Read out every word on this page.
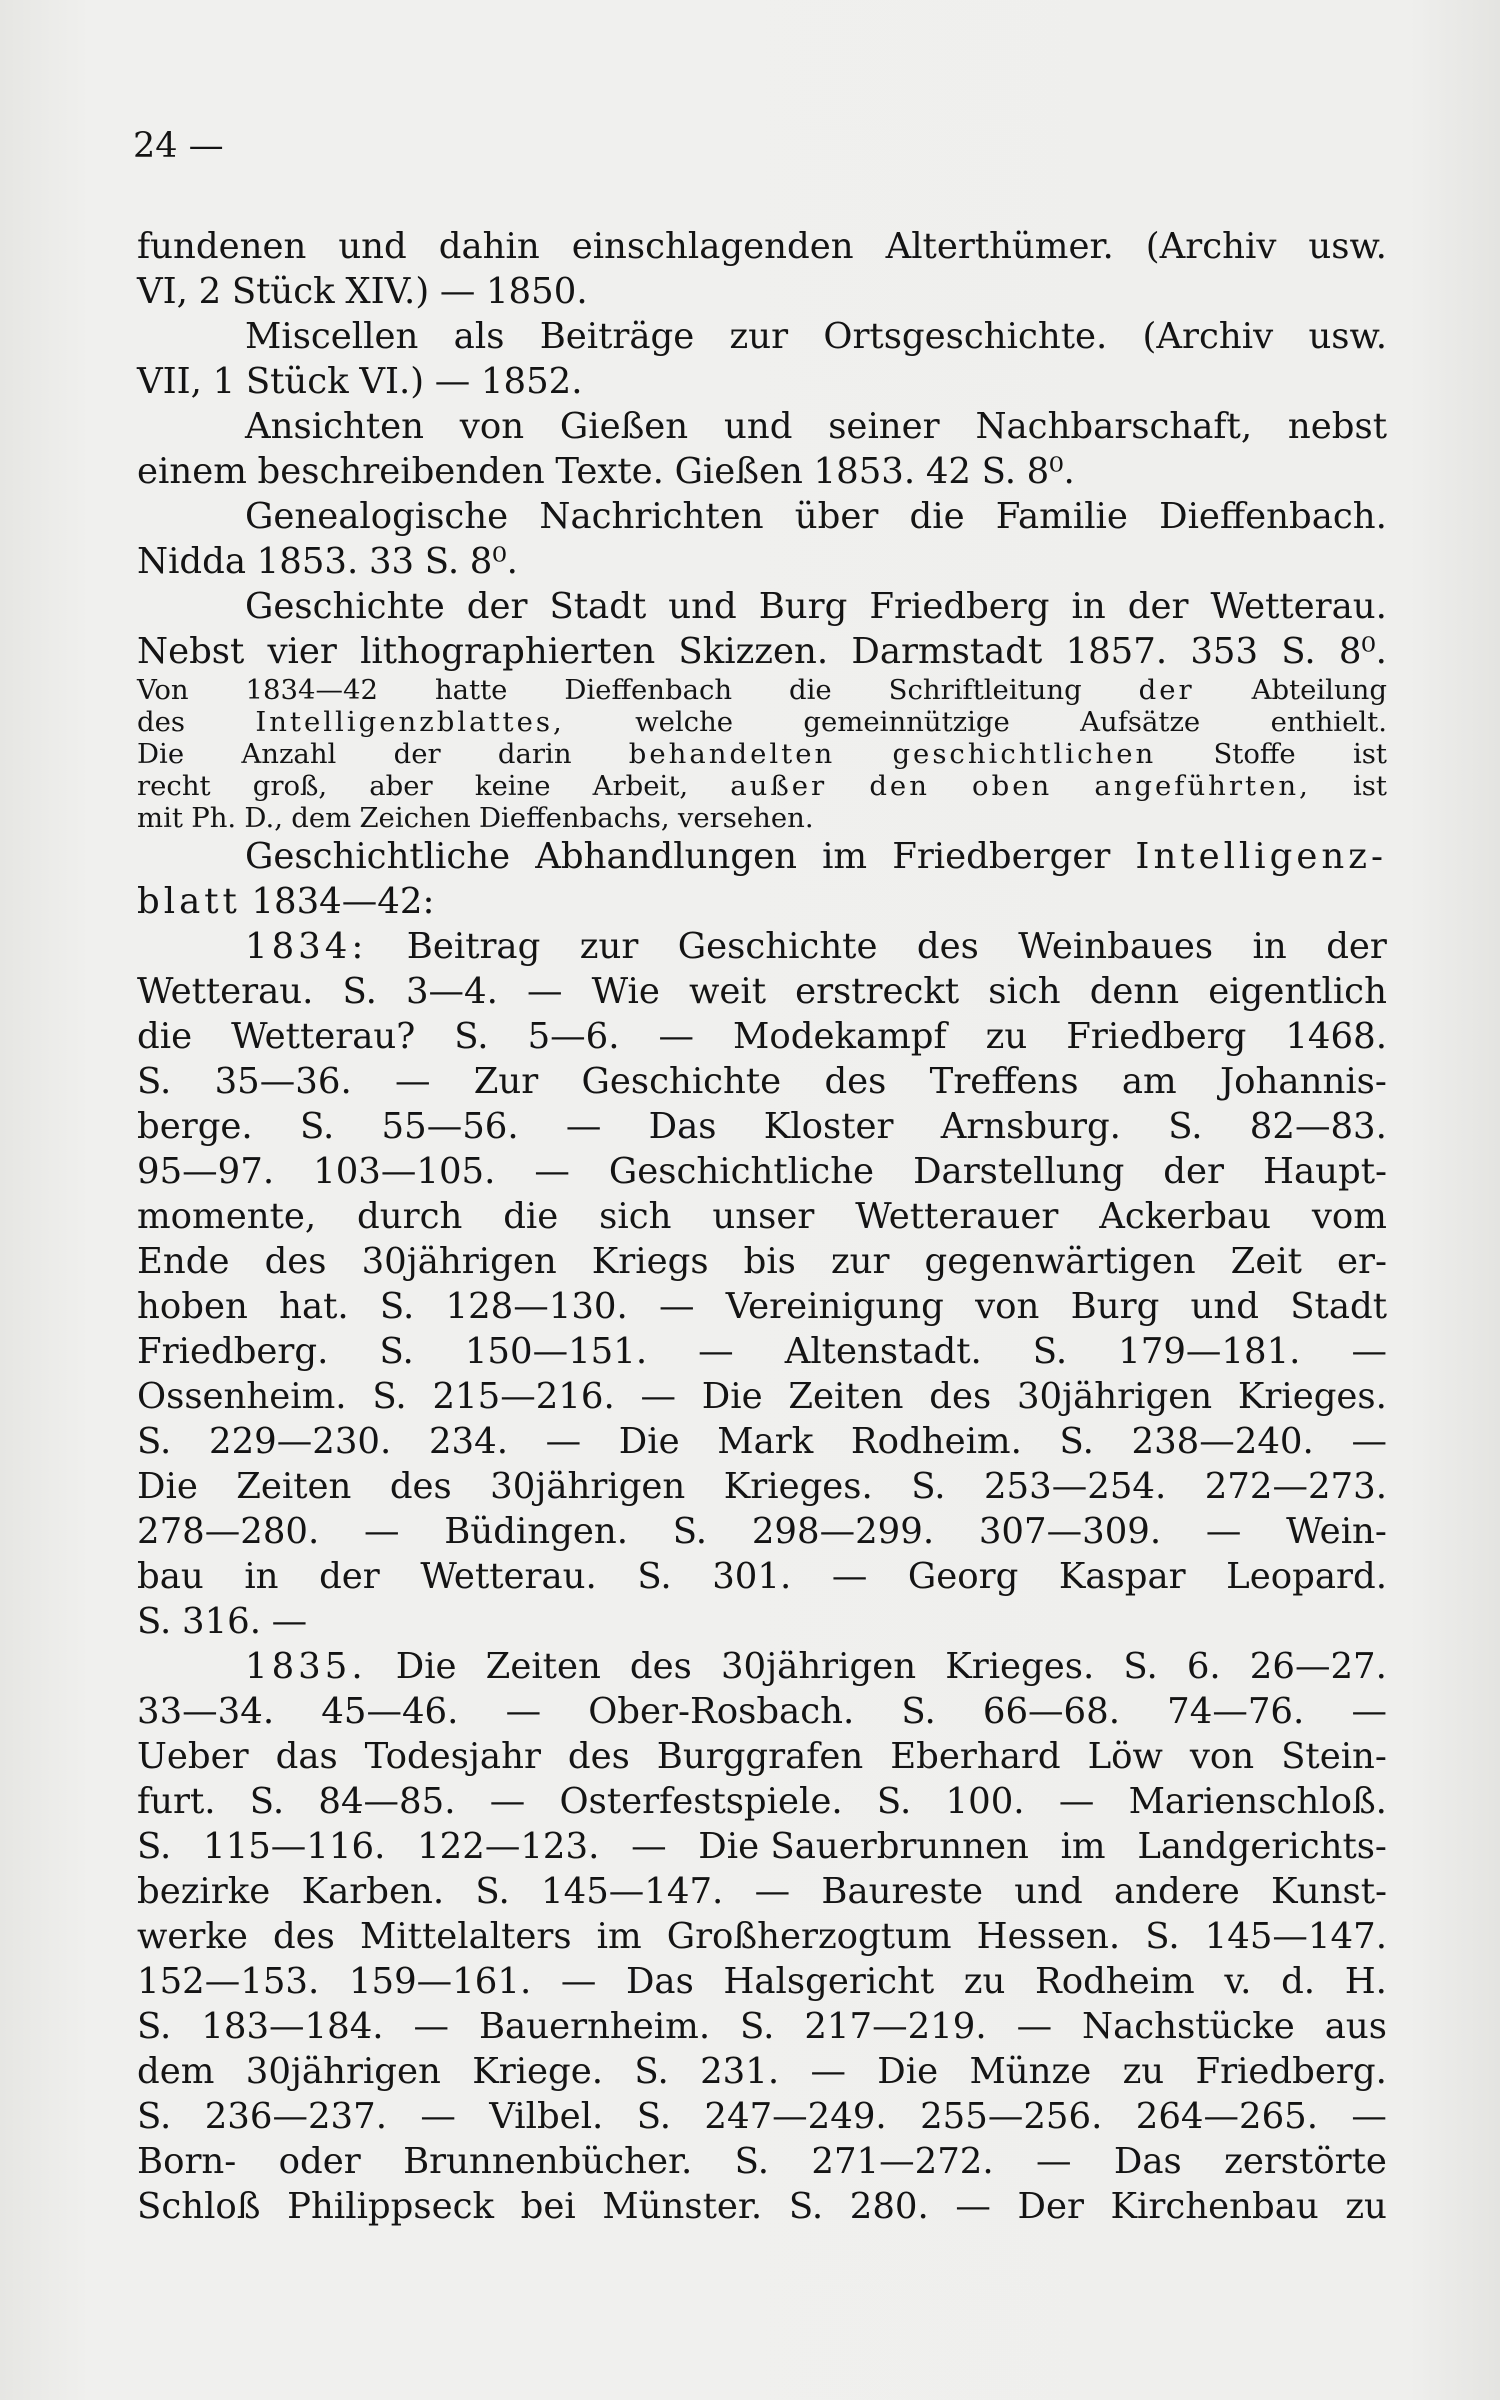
24 —
fundenen und dahin einschlagenden Alterthümer. (Archiv usw.
VI, 2 Stück XIV.) — 1850.
Miscellen als Beiträge zur Ortsgeschichte. (Archiv usw.
VII, 1 Stück VI.) — 1852.
Ansichten von Gießen und seiner Nachbarschaft, nebst
einem beschreibenden Texte. Gießen 1853. 42 S. 8⁰.
Genealogische Nachrichten über die Familie Dieffenbach.
Nidda 1853. 33 S. 8⁰.
Geschichte der Stadt und Burg Friedberg in der Wetterau.
Nebst vier lithographierten Skizzen. Darmstadt 1857. 353 S. 8⁰.
Von 1834—42 hatte Dieffenbach die Schriftleitung der Abteilung
des	Intelligenzblattes,	welche	gemeinnützige	Aufsätze	enthielt.
Die Anzahl der darin behandelten geschichtlichen Stoffe ist
recht groß, aber keine Arbeit, außer den oben angeführten, ist
mit Ph. D., dem Zeichen Dieffenbachs, versehen.
Geschichtliche Abhandlungen im Friedberger Intelligenz-
blatt 1834—42:
1834: Beitrag zur Geschichte des Weinbaues in der
Wetterau. S. 3—4. — Wie weit erstreckt sich denn eigentlich
die Wetterau? S. 5—6. — Modekampf zu Friedberg 1468.
S. 35—36. — Zur Geschichte des Treffens am Johannis-
berge. S. 55—56. — Das Kloster Arnsburg. S. 82—83.
95—97. 103—105. — Geschichtliche Darstellung der Haupt-
momente, durch die sich unser Wetterauer Ackerbau vom
Ende des 30jährigen Kriegs bis zur gegenwärtigen Zeit er-
hoben hat. S. 128—130. — Vereinigung von Burg und Stadt
Friedberg. S. 150—151. — Altenstadt. S. 179—181. —
Ossenheim. S. 215—216. — Die Zeiten des 30jährigen Krieges.
S. 229—230. 234. — Die Mark Rodheim. S. 238—240. —
Die Zeiten des 30jährigen Krieges. S. 253—254. 272—273.
278—280. — Büdingen. S. 298—299. 307—309. — Wein-
bau in der Wetterau. S. 301. — Georg Kaspar Leopard.
S. 316. —
1835. Die Zeiten des 30jährigen Krieges. S. 6. 26—27.
33—34. 45—46. — Ober-Rosbach. S. 66—68. 74—76. —
Ueber das Todesjahr des Burggrafen Eberhard Löw von Stein-
furt. S. 84—85. — Osterfestspiele. S. 100. — Marienschloß.
S. 115—116. 122—123. — Die Sauerbrunnen im Landgerichts-
bezirke Karben. S. 145—147. — Baureste und andere Kunst-
werke des Mittelalters im Großherzogtum Hessen. S. 145—147.
152—153. 159—161. — Das Halsgericht zu Rodheim v. d. H.
S. 183—184. — Bauernheim. S. 217—219. — Nachstücke aus
dem 30jährigen Kriege. S. 231. — Die Münze zu Friedberg.
S. 236—237. — Vilbel. S. 247—249. 255—256. 264—265. —
Born- oder Brunnenbücher. S. 271—272. — Das zerstörte
Schloß Philippseck bei Münster. S. 280. — Der Kirchenbau zu
